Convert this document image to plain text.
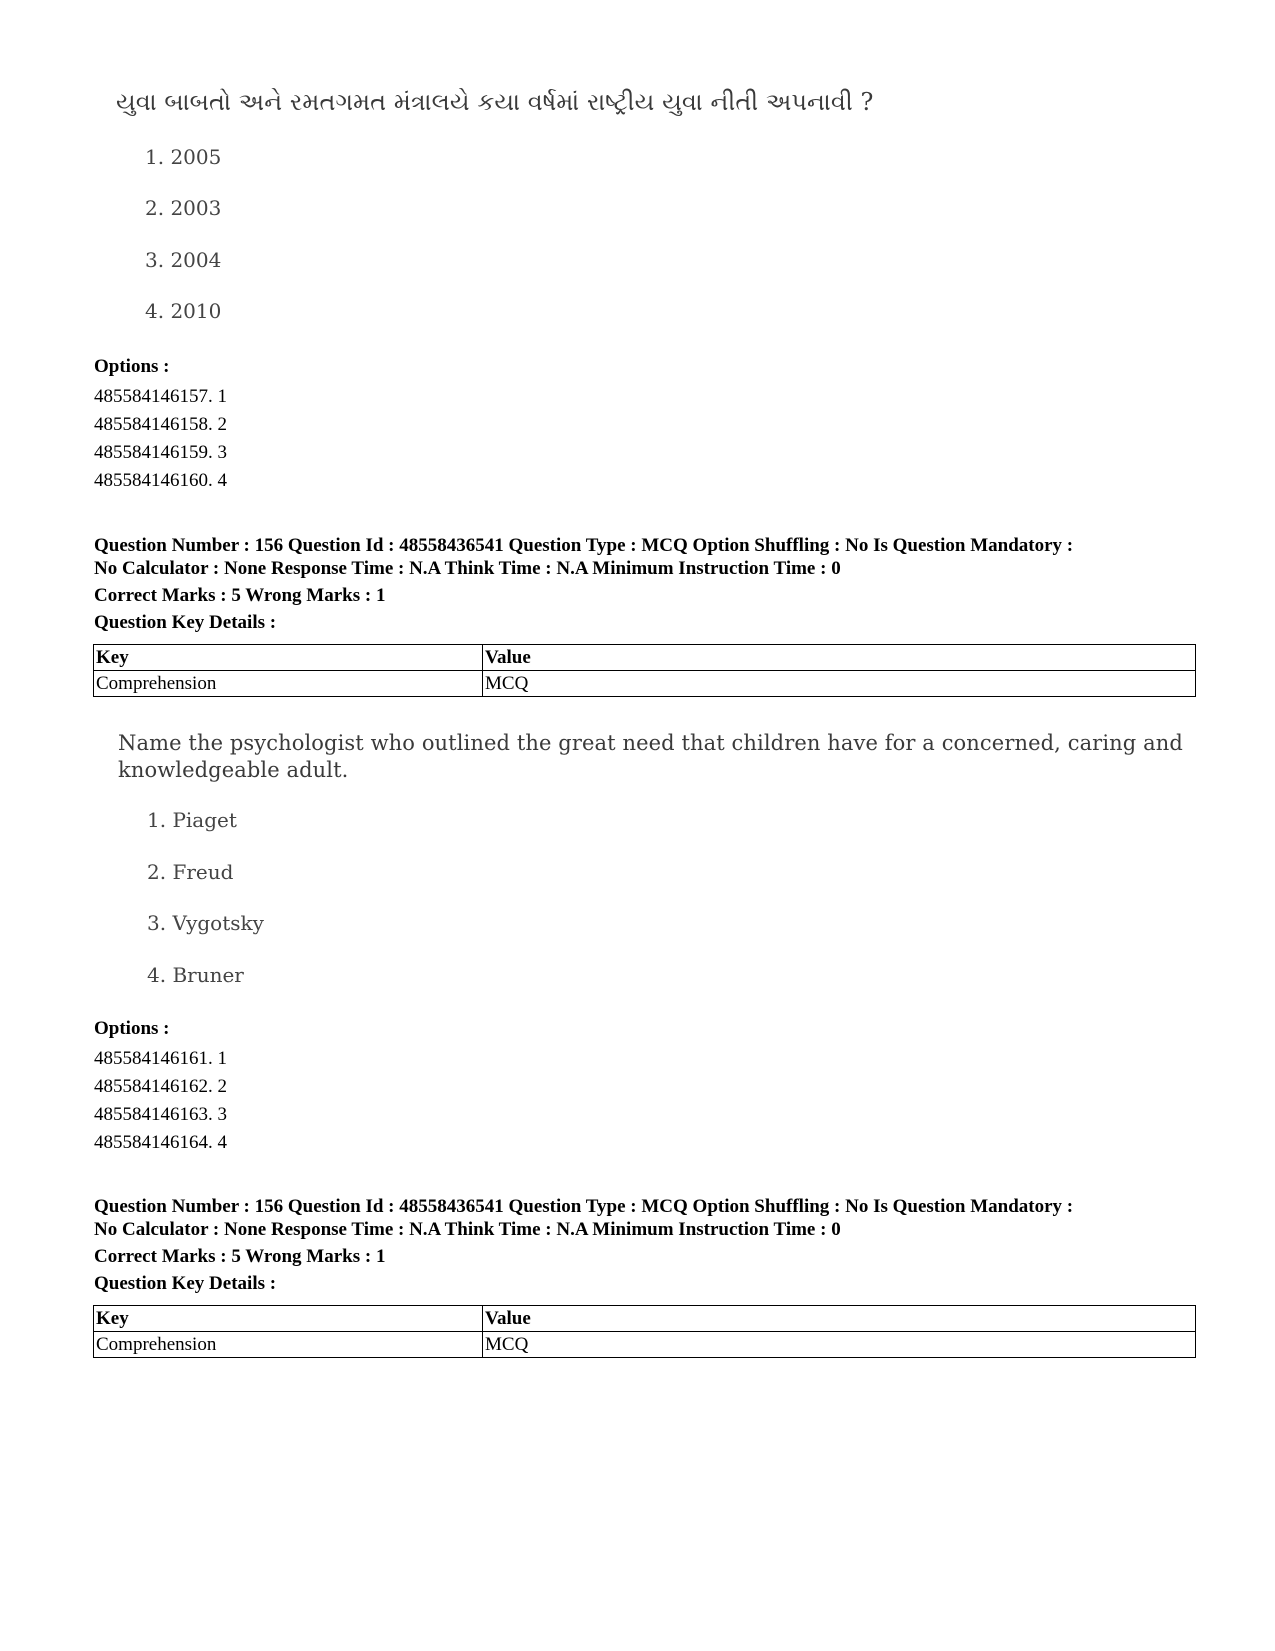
યુવા બાબતો અને રમતગમત મંત્રાલયે કયા વર્ષમાં રાષ્ટ્રીય યુવા નીતી અપનાવી ?
1. 2005
2. 2003
3. 2004
4. 2010
Options :
485584146157. 1
485584146158. 2
485584146159. 3
485584146160. 4
Question Number : 156 Question Id : 48558436541 Question Type : MCQ Option Shuffling : No Is Question Mandatory :
No Calculator : None Response Time : N.A Think Time : N.A Minimum Instruction Time : 0
Correct Marks : 5 Wrong Marks : 1
Question Key Details :
Key	Value
Comprehension	MCQ
Name the psychologist who outlined the great need that children have for a concerned, caring and
knowledgeable adult.
1. Piaget
2. Freud
3. Vygotsky
4. Bruner
Options :
485584146161. 1
485584146162. 2
485584146163. 3
485584146164. 4
Question Number : 156 Question Id : 48558436541 Question Type : MCQ Option Shuffling : No Is Question Mandatory :
No Calculator : None Response Time : N.A Think Time : N.A Minimum Instruction Time : 0
Correct Marks : 5 Wrong Marks : 1
Question Key Details :
Key	Value
Comprehension	MCQ
